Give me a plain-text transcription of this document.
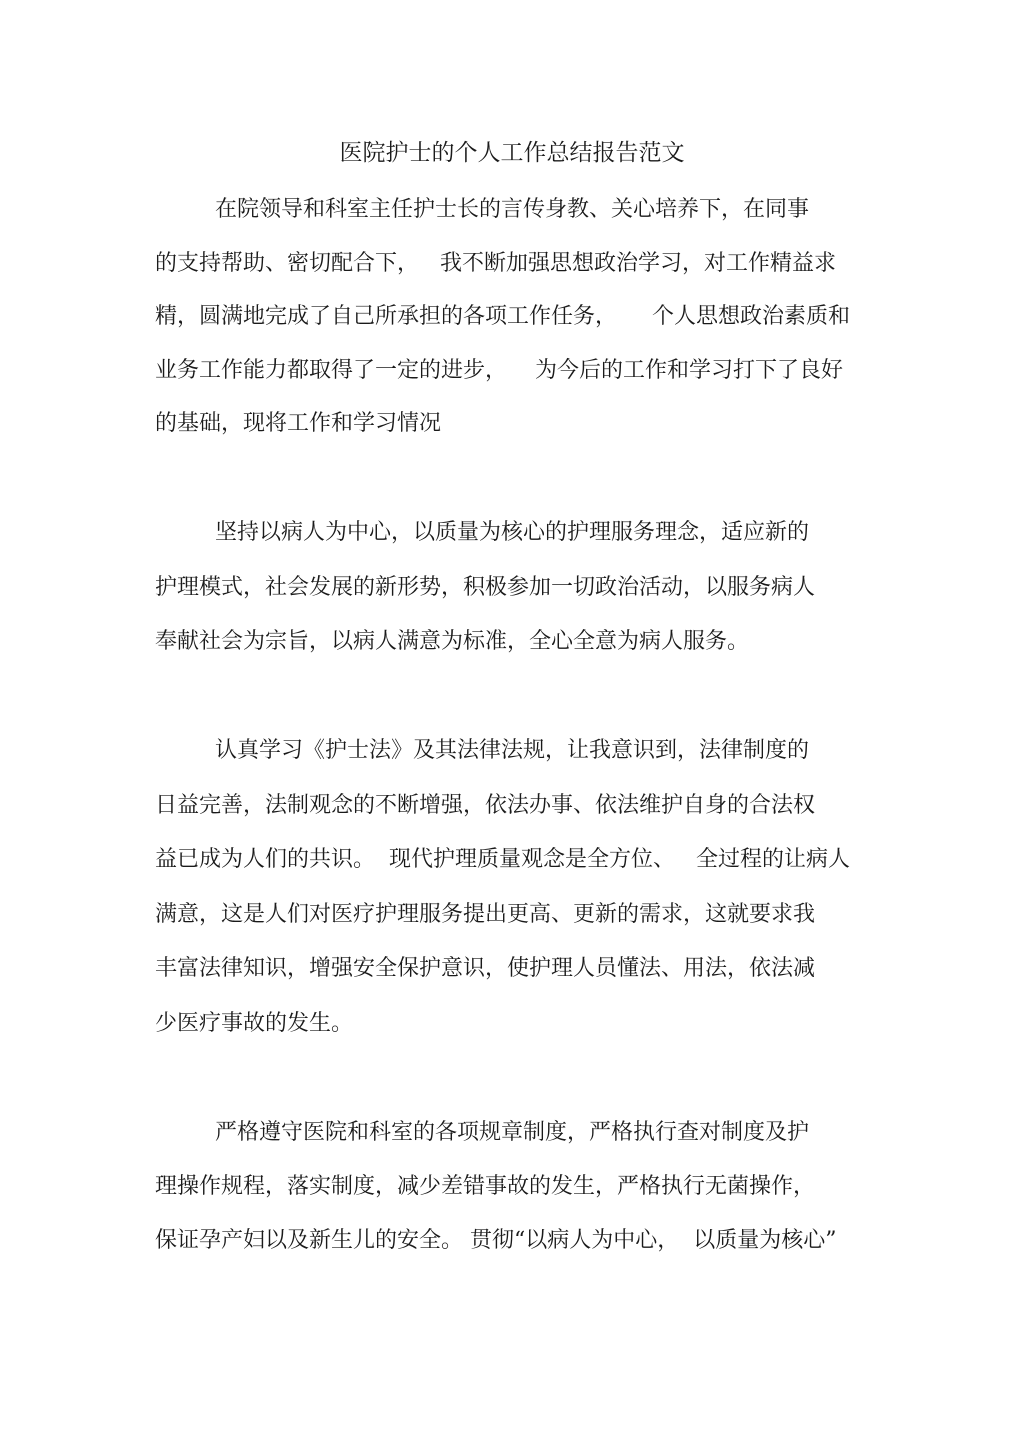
医院护士的个人工作总结报告范文
在院领导和科室主任护士长的言传身教、关心培养下，在同事
的支持帮助、密切配合下，   我不断加强思想政治学习，对工作精益求
精，圆满地完成了自己所承担的各项工作任务，     个人思想政治素质和
业务工作能力都取得了一定的进步，    为今后的工作和学习打下了良好
的基础，现将工作和学习情况
坚持以病人为中心，以质量为核心的护理服务理念，适应新的
护理模式，社会发展的新形势，积极参加一切政治活动，以服务病人
奉献社会为宗旨，以病人满意为标准，全心全意为病人服务。
认真学习《护士法》及其法律法规，让我意识到，法律制度的
日益完善，法制观念的不断增强，依法办事、依法维护自身的合法权
益已成为人们的共识。  现代护理质量观念是全方位、   全过程的让病人
满意，这是人们对医疗护理服务提出更高、更新的需求，这就要求我
丰富法律知识，增强安全保护意识，使护理人员懂法、用法，依法减
少医疗事故的发生。
严格遵守医院和科室的各项规章制度，严格执行查对制度及护
理操作规程，落实制度，减少差错事故的发生，严格执行无菌操作，
保证孕产妇以及新生儿的安全。 贯彻“以病人为中心，  以质量为核心”
